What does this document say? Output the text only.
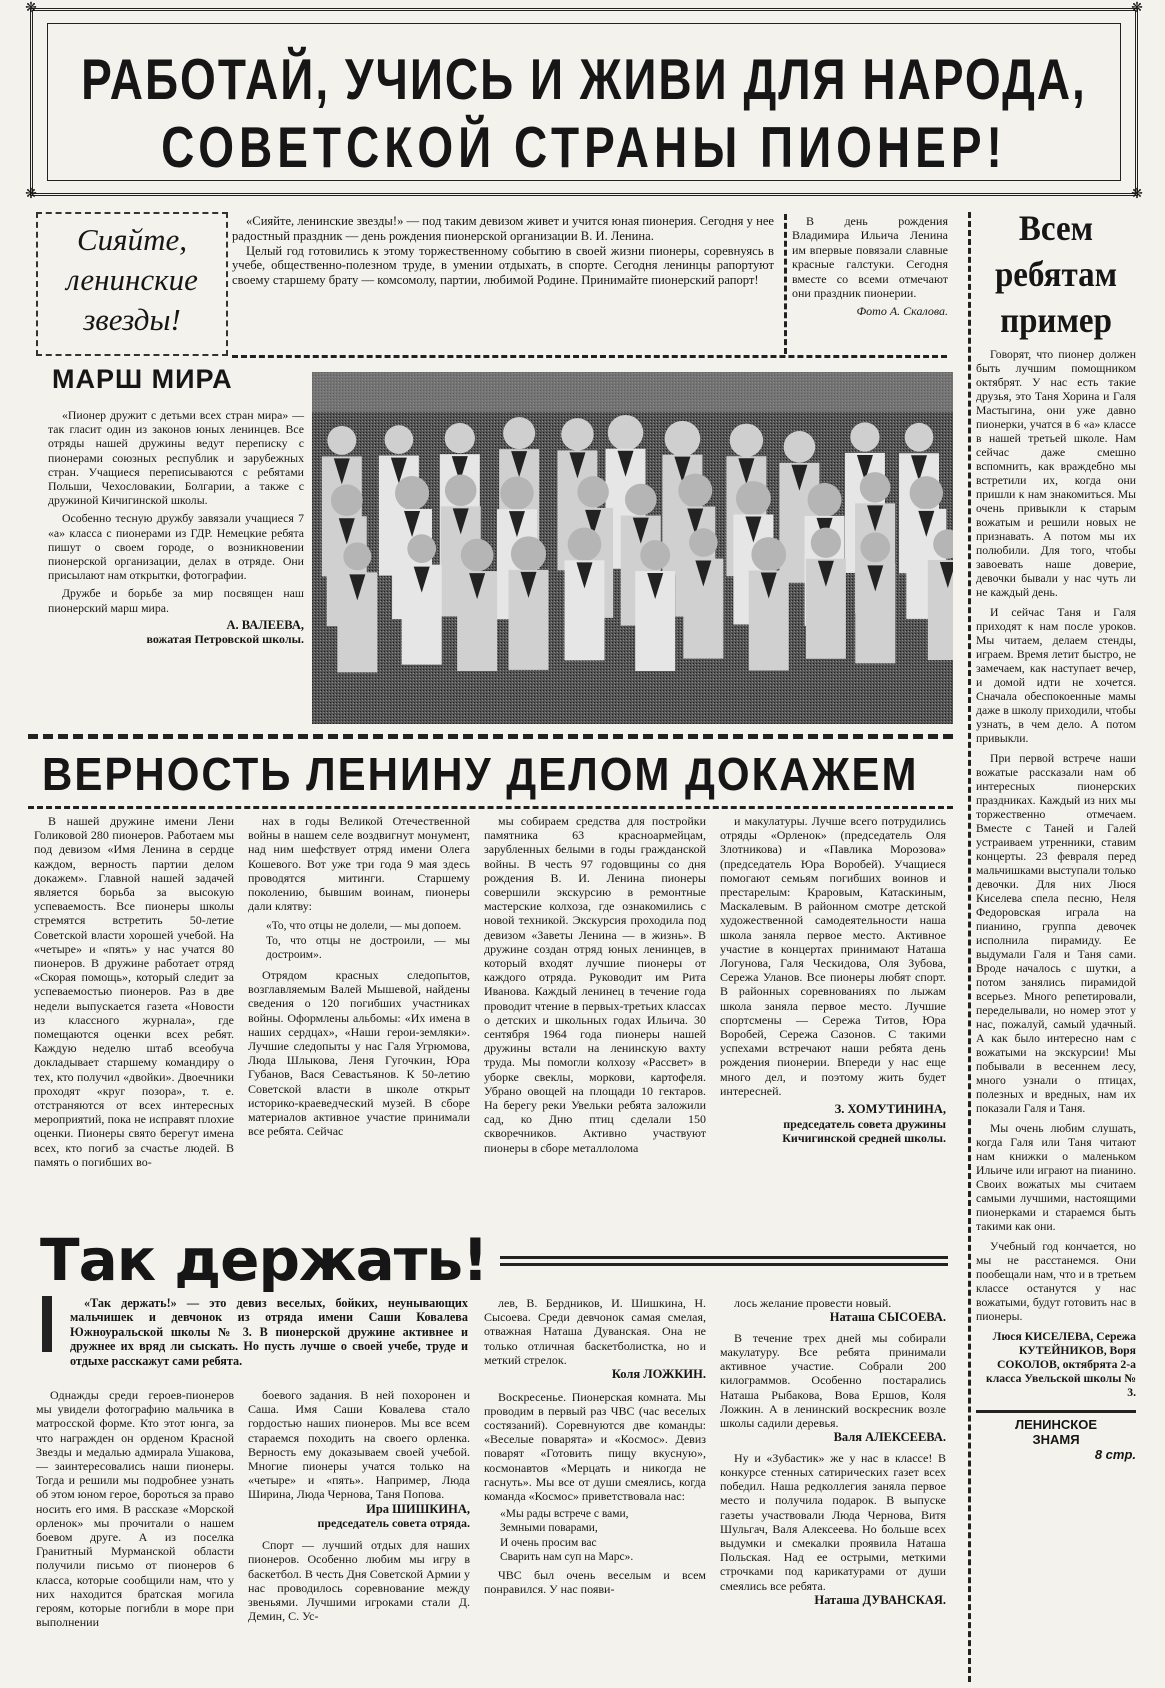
❋	❋
❋	❋
РАБОТАЙ, УЧИСЬ И ЖИВИ ДЛЯ НАРОДА,
СОВЕТСКОЙ СТРАНЫ ПИОНЕР!
Сияйте,
ленинские
звезды!

«Сияйте, ленинские звезды!» — под таким девизом живет и учится юная пионерия. Сегодня у нее радостный праздник — день рождения пионерской организации В. И. Ленина.

Целый год готовились к этому торжественному событию в своей жизни пионеры, соревнуясь в учебе, общественно-полезном труде, в умении отдыхать, в спорте. Сегодня ленинцы рапортуют своему старшему брату — комсомолу, партии, любимой Родине. Принимайте пионерский рапорт!

В день рождения Владимира Ильича Ленина им впервые повязали славные красные галстуки. Сегодня вместе со всеми отмечают они праздник пионерии.

Фото А. Скалова.
МАРШ МИРА

«Пионер дружит с детьми всех стран мира» — так гласит один из законов юных ленинцев. Все отряды нашей дружины ведут переписку с пионерами союзных республик и зарубежных стран. Учащиеся переписываются с ребятами Польши, Чехословакии, Болгарии, а также с дружиной Кичигинской школы.

Особенно тесную дружбу завязали учащиеся 7 «а» класса с пионерами из ГДР. Немецкие ребята пишут о своем городе, о возникновении пионерской организации, делах в отряде. Они присылают нам открытки, фотографии.

Дружбе и борьбе за мир посвящен наш пионерский марш мира.

А. ВАЛЕЕВА,
вожатая Петровской школы.
Всем
ребятам
пример

Говорят, что пионер должен быть лучшим помощником октябрят. У нас есть такие друзья, это Таня Хорина и Галя Мастыгина, они уже давно пионерки, учатся в 6 «а» классе в нашей третьей школе. Нам сейчас даже смешно вспомнить, как враждебно мы встретили их, когда они пришли к нам знакомиться. Мы очень привыкли к старым вожатым и решили новых не признавать. А потом мы их полюбили. Для того, чтобы завоевать наше доверие, девочки бывали у нас чуть ли не каждый день.

И сейчас Таня и Галя приходят к нам после уроков. Мы читаем, делаем стенды, играем. Время летит быстро, не замечаем, как наступает вечер, и домой идти не хочется. Сначала обеспокоенные мамы даже в школу приходили, чтобы узнать, в чем дело. А потом привыкли.

При первой встрече наши вожатые рассказали нам об интересных пионерских праздниках. Каждый из них мы торжественно отмечаем. Вместе с Таней и Галей устраиваем утренники, ставим концерты. 23 февраля перед мальчишками выступали только девочки. Для них Люся Киселева спела песню, Неля Федоровская играла на пианино, группа девочек исполнила пирамиду. Ее выдумали Галя и Таня сами. Вроде началось с шутки, а потом занялись пирамидой всерьез. Много репетировали, переделывали, но номер этот у нас, пожалуй, самый удачный. А как было интересно нам с вожатыми на экскурсии! Мы побывали в весеннем лесу, много узнали о птицах, полезных и вредных, нам их показали Галя и Таня.

Мы очень любим слушать, когда Галя или Таня читают нам книжки о маленьком Ильиче или играют на пианино. Своих вожатых мы считаем самыми лучшими, настоящими пионерками и стараемся быть такими как они.

Учебный год кончается, но мы не расстанемся. Они пообещали нам, что и в третьем классе останутся у нас вожатыми, будут готовить нас в пионеры.

Люся КИСЕЛЕВА, Сережа КУТЕЙНИКОВ, Воря СОКОЛОВ, октябрята 2-а класса Увельской школы № 3.
ЛЕНИНСКОЕ
ЗНАМЯ
8 стр.
ВЕРНОСТЬ ЛЕНИНУ ДЕЛОМ ДОКАЖЕМ

В нашей дружине имени Лени Голиковой 280 пионеров. Работаем мы под девизом «Имя Ленина в сердце каждом, верность партии делом докажем». Главной нашей задачей является борьба за высокую успеваемость. Все пионеры школы стремятся встретить 50-летие Советской власти хорошей учебой. На «четыре» и «пять» у нас учатся 80 пионеров. В дружине работает отряд «Скорая помощь», который следит за успеваемостью пионеров. Раз в две недели выпускается газета «Новости из классного журнала», где помещаются оценки всех ребят. Каждую неделю штаб всеобуча докладывает старшему командиру о тех, кто получил «двойки». Двоечники проходят «круг позора», т. е. отстраняются от всех интересных мероприятий, пока не исправят плохие оценки. Пионеры свято берегут имена всех, кто погиб за счастье людей. В память о погибших во-

нах в годы Великой Отечественной войны в нашем селе воздвигнут монумент, над ним шефствует отряд имени Олега Кошевого. Вот уже три года 9 мая здесь проводятся митинги. Старшему поколению, бывшим воинам, пионеры дали клятву:

«То, что отцы не долели, — мы допоем.
То, что отцы не достроили, — мы достроим».

Отрядом красных следопытов, возглавляемым Валей Мышевой, найдены сведения о 120 погибших участниках войны. Оформлены альбомы: «Их имена в наших сердцах», «Наши герои-земляки». Лучшие следопыты у нас Галя Угрюмова, Люда Шлыкова, Леня Гугочкин, Юра Губанов, Вася Севастьянов. К 50-летию Советской власти в школе открыт историко-краеведческий музей. В сборе материалов активное участие принимали все ребята. Сейчас

мы собираем средства для постройки памятника 63 красноармейцам, зарубленных белыми в годы гражданской войны. В честь 97 годовщины со дня рождения В. И. Ленина пионеры совершили экскурсию в ремонтные мастерские колхоза, где ознакомились с новой техникой. Экскурсия проходила под девизом «Заветы Ленина — в жизнь». В дружине создан отряд юных ленинцев, в который входят лучшие пионеры от каждого отряда. Руководит им Рита Иванова. Каждый ленинец в течение года проводит чтение в первых-третьих классах о детских и школьных годах Ильича. 30 сентября 1964 года пионеры нашей дружины встали на ленинскую вахту труда. Мы помогли колхозу «Рассвет» в уборке свеклы, моркови, картофеля. Убрано овощей на площади 10 гектаров. На берегу реки Увельки ребята заложили сад, ко Дню птиц сделали 150 скворечников. Активно участвуют пионеры в сборе металлолома

и макулатуры. Лучше всего потрудились отряды «Орленок» (председатель Оля Злотникова) и «Павлика Морозова» (председатель Юра Воробей). Учащиеся помогают семьям погибших воинов и престарелым: Краровым, Катаскиным, Маскалевым. В районном смотре детской художественной самодеятельности наша школа заняла первое место. Активное участие в концертах принимают Наташа Логунова, Галя Ческидова, Оля Зубова, Сережа Уланов. Все пионеры любят спорт. В районных соревнованиях по лыжам школа заняла первое место. Лучшие спортсмены — Сережа Титов, Юра Воробей, Сережа Сазонов. С такими успехами встречают наши ребята день рождения пионерии. Впереди у нас еще много дел, и поэтому жить будет интересней.

З. ХОМУТИНИНА,
председатель совета дружины Кичигинской средней школы.
Так держать!

«Так держать!» — это девиз веселых, бойких, неунывающих мальчишек и девчонок из отряда имени Саши Ковалева Южноуральской школы № 3. В пионерской дружине активнее и дружнее их вряд ли сыскать. Но пусть лучше о своей учебе, труде и отдыхе расскажут сами ребята.

Однажды среди героев-пионеров мы увидели фотографию мальчика в матросской форме. Кто этот юнга, за что награжден он орденом Красной Звезды и медалью адмирала Ушакова, — заинтересовались наши пионеры. Тогда и решили мы подробнее узнать об этом юном герое, бороться за право носить его имя. В рассказе «Морской орленок» мы прочитали о нашем боевом друге. А из поселка Гранитный Мурманской области получили письмо от пионеров 6 класса, которые сообщили нам, что у них находится братская могила героям, которые погибли в море при выполнении

боевого задания. В ней похоронен и Саша. Имя Саши Ковалева стало гордостью наших пионеров. Мы все всем стараемся походить на своего орленка. Верность ему доказываем своей учебой. Многие пионеры учатся только на «четыре» и «пять». Например, Люда Ширина, Люда Чернова, Таня Попова.

Ира ШИШКИНА,
председатель совета отряда.

Спорт — лучший отдых для наших пионеров. Особенно любим мы игру в баскетбол. В честь Дня Советской Армии у нас проводилось соревнование между звеньями. Лучшими игроками стали Д. Демин, С. Ус-

лев, В. Бердников, И. Шишкина, Н. Сысоева. Среди девчонок самая смелая, отважная Наташа Дуванская. Она не только отличная баскетболистка, но и меткий стрелок.

Коля ЛОЖКИН.

Воскресенье. Пионерская комната. Мы проводим в первый раз ЧВС (час веселых состязаний). Соревнуются две команды: «Веселые поварята» и «Космос». Девиз поварят «Готовить пищу вкусную», космонавтов «Мерцать и никогда не гаснуть». Мы все от души смеялись, когда команда «Космос» приветствовала нас:

«Мы рады встрече с вами,
Земными поварами,
И очень просим вас
Сварить нам суп на Марс».

ЧВС был очень веселым и всем понравился. У нас появи-

лось желание провести новый.

Наташа СЫСОЕВА.

В течение трех дней мы собирали макулатуру. Все ребята принимали активное участие. Собрали 200 килограммов. Особенно постарались Наташа Рыбакова, Вова Ершов, Коля Ложкин. А в ленинский воскресник возле школы садили деревья.

Валя АЛЕКСЕЕВА.

Ну и «Зубастик» же у нас в классе! В конкурсе стенных сатирических газет всех победил. Наша редколлегия заняла первое место и получила подарок. В выпуске газеты участвовали Люда Чернова, Витя Шульгач, Валя Алексеева. Но больше всех выдумки и смекалки проявила Наташа Польская. Над ее острыми, меткими строчками под карикатурами от души смеялись все ребята.

Наташа ДУВАНСКАЯ.
